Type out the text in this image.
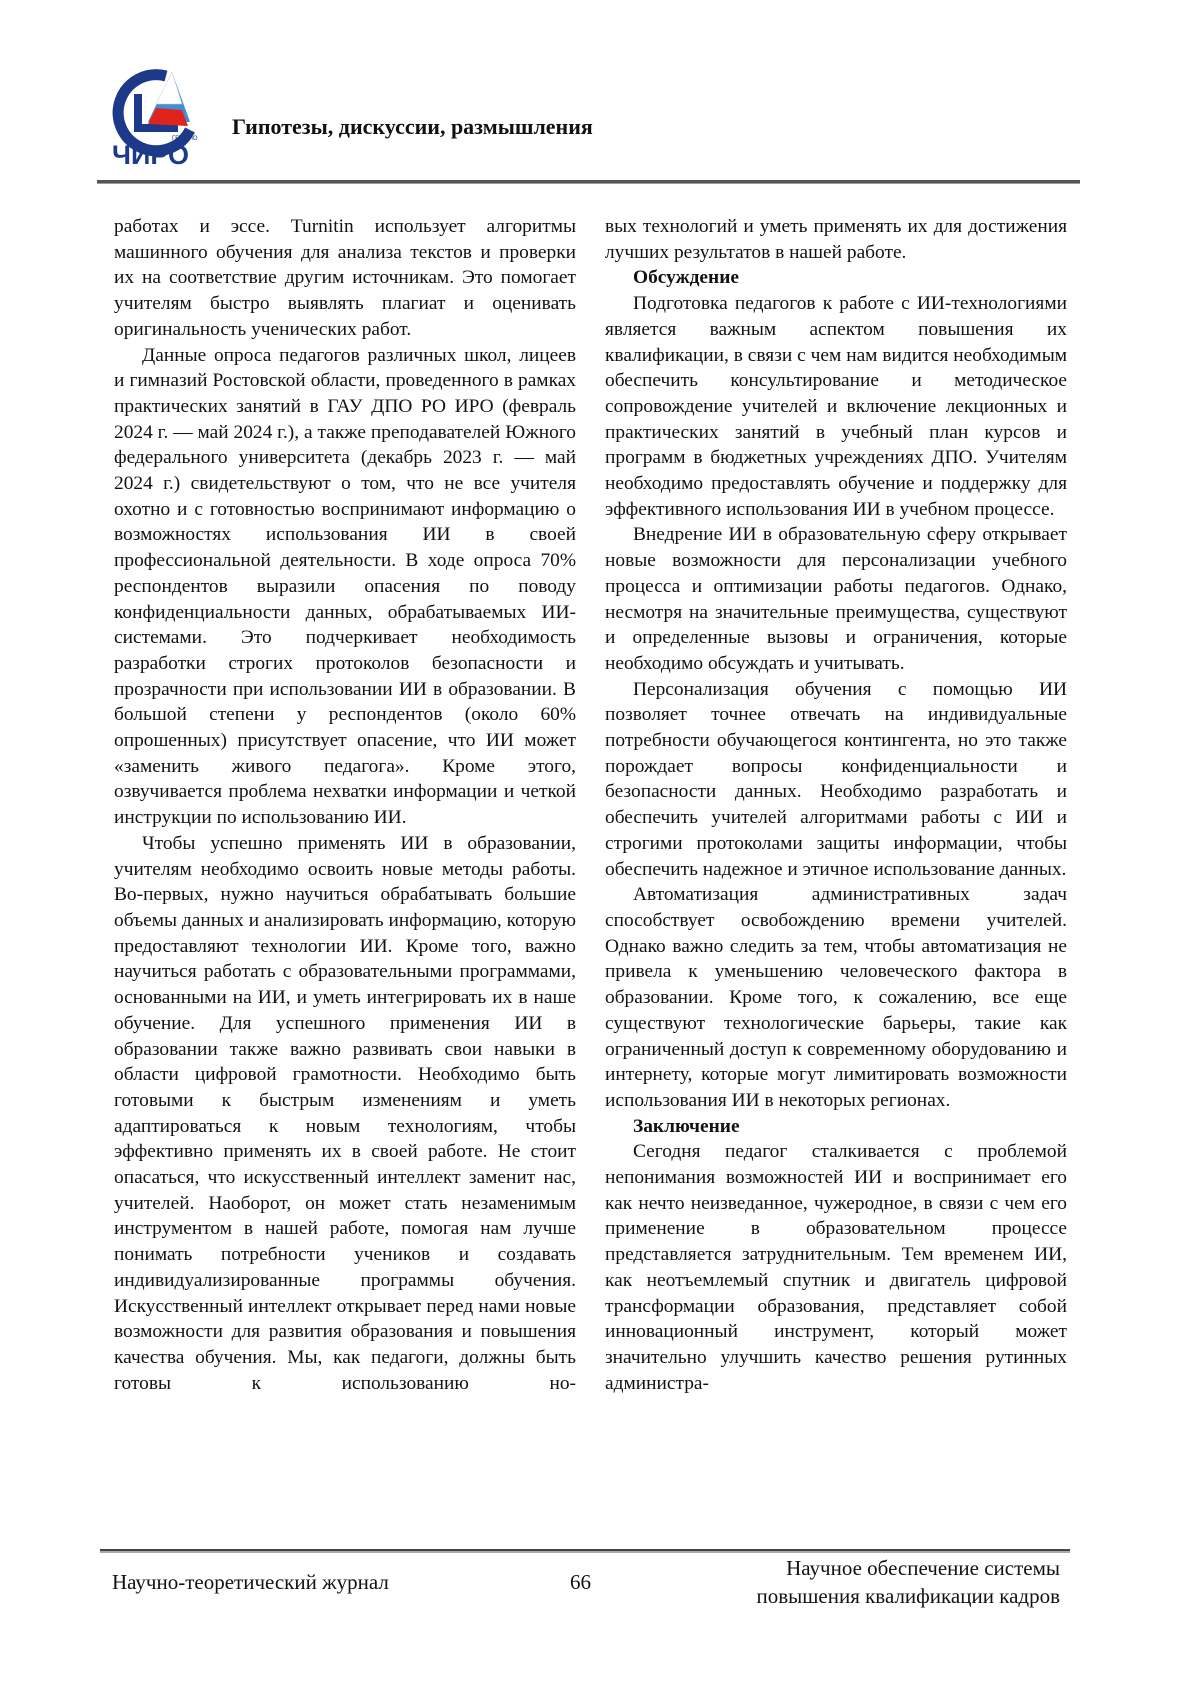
ГБУ ДПО
ЧИРО
Гипотезы, дискуссии, размышления

работах и эссе. Turnitin использует алгоритмы машинного обучения для анализа текстов и проверки их на соответствие другим источникам. Это помогает учителям быстро выявлять плагиат и оценивать оригинальность ученических работ.

Данные опроса педагогов различных школ, лицеев и гимназий Ростовской области, проведенного в рамках практических занятий в ГАУ ДПО РО ИРО (февраль 2024 г. — май 2024 г.), а также преподавателей Южного федерального университета (декабрь 2023 г. — май 2024 г.) свидетельствуют о том, что не все учителя охотно и с готовностью воспринимают информацию о возможностях использования ИИ в своей профессиональной деятельности. В ходе опроса 70% респондентов выразили опасения по поводу конфиденциальности данных, обрабатываемых ИИ-системами. Это подчеркивает необходимость разработки строгих протоколов безопасности и прозрачности при использовании ИИ в образовании. В большой степени у респондентов (около 60% опрошенных) присутствует опасение, что ИИ может «заменить живого педагога». Кроме этого, озвучивается проблема нехватки информации и четкой инструкции по использованию ИИ.

Чтобы успешно применять ИИ в образовании, учителям необходимо освоить новые методы работы. Во-первых, нужно научиться обрабатывать большие объемы данных и анализировать информацию, которую предоставляют технологии ИИ. Кроме того, важно научиться работать с образовательными программами, основанными на ИИ, и уметь интегрировать их в наше обучение. Для успешного применения ИИ в образовании также важно развивать свои навыки в области цифровой грамотности. Необходимо быть готовыми к быстрым изменениям и уметь адаптироваться к новым технологиям, чтобы эффективно применять их в своей работе. Не стоит опасаться, что искусственный интеллект заменит нас, учителей. Наоборот, он может стать незаменимым инструментом в нашей работе, помогая нам лучше понимать потребности учеников и создавать индивидуализированные программы обучения. Искусственный интеллект открывает перед нами новые возможности для развития образования и повышения качества обучения. Мы, как педагоги, должны быть готовы к использованию но-

вых технологий и уметь применять их для достижения лучших результатов в нашей работе.

Обсуждение

Подготовка педагогов к работе с ИИ-технологиями является важным аспектом повышения их квалификации, в связи с чем нам видится необходимым обеспечить консультирование и методическое сопровождение учителей и включение лекционных и практических занятий в учебный план курсов и программ в бюджетных учреждениях ДПО. Учителям необходимо предоставлять обучение и поддержку для эффективного использования ИИ в учебном процессе.

Внедрение ИИ в образовательную сферу открывает новые возможности для персонализации учебного процесса и оптимизации работы педагогов. Однако, несмотря на значительные преимущества, существуют и определенные вызовы и ограничения, которые необходимо обсуждать и учитывать.

Персонализация обучения с помощью ИИ позволяет точнее отвечать на индивидуальные потребности обучающегося контингента, но это также порождает вопросы конфиденциальности и безопасности данных. Необходимо разработать и обеспечить учителей алгоритмами работы с ИИ и строгими протоколами защиты информации, чтобы обеспечить надежное и этичное использование данных.

Автоматизация административных задач способствует освобождению времени учителей. Однако важно следить за тем, чтобы автоматизация не привела к уменьшению человеческого фактора в образовании. Кроме того, к сожалению, все еще существуют технологические барьеры, такие как ограниченный доступ к современному оборудованию и интернету, которые могут лимитировать возможности использования ИИ в некоторых регионах.

Заключение

Сегодня педагог сталкивается с проблемой непонимания возможностей ИИ и воспринимает его как нечто неизведанное, чужеродное, в связи с чем его применение в образовательном процессе представляется затруднительным. Тем временем ИИ, как неотъемлемый спутник и двигатель цифровой трансформации образования, представляет собой инновационный инструмент, который может значительно улучшить качество решения рутинных администра-

Научно-теоретический журнал	66
Научное обеспечение системы
повышения квалификации кадров
